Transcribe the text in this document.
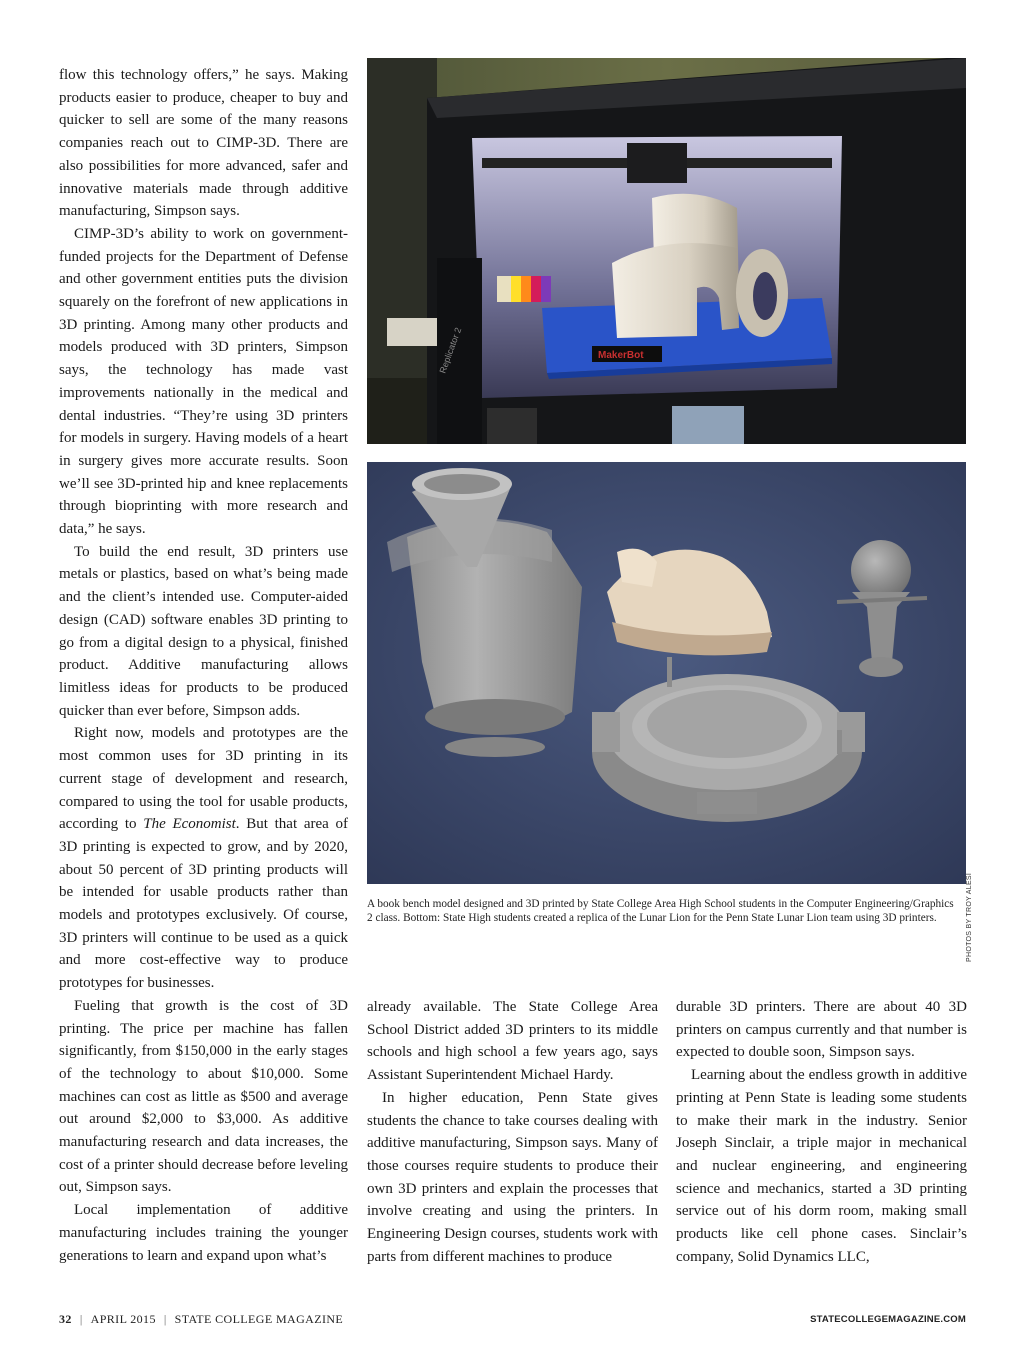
flow this technology offers,” he says. Making products easier to produce, cheaper to buy and quicker to sell are some of the many reasons companies reach out to CIMP-3D. There are also possibilities for more advanced, safer and innovative materials made through additive manufacturing, Simpson says.

CIMP-3D’s ability to work on government-funded projects for the Department of Defense and other government entities puts the division squarely on the forefront of new applications in 3D printing. Among many other products and models produced with 3D printers, Simpson says, the technology has made vast improvements nationally in the medical and dental industries. “They’re using 3D printers for models in surgery. Having models of a heart in surgery gives more accurate results. Soon we’ll see 3D-printed hip and knee replacements through bioprinting with more research and data,” he says.

To build the end result, 3D printers use metals or plastics, based on what’s being made and the client’s intended use. Computer-aided design (CAD) software enables 3D printing to go from a digital design to a physical, finished product. Additive manufacturing allows limitless ideas for products to be produced quicker than ever before, Simpson adds.

Right now, models and prototypes are the most common uses for 3D printing in its current stage of development and research, compared to using the tool for usable products, according to The Economist. But that area of 3D printing is expected to grow, and by 2020, about 50 percent of 3D printing products will be intended for usable products rather than models and prototypes exclusively. Of course, 3D printers will continue to be used as a quick and more cost-effective way to produce prototypes for businesses.

Fueling that growth is the cost of 3D printing. The price per machine has fallen significantly, from $150,000 in the early stages of the technology to about $10,000. Some machines can cost as little as $500 and average out around $2,000 to $3,000. As additive manufacturing research and data increases, the cost of a printer should decrease before leveling out, Simpson says.

Local implementation of additive manufacturing includes training the younger generations to learn and expand upon what’s

Replicator 2	MakerBot
PHOTOS BY TROY ALESI
A book bench model designed and 3D printed by State College Area High School students in the Computer Engineering/Graphics 2 class. Bottom: State High students created a replica of the Lunar Lion for the Penn State Lunar Lion team using 3D printers.

already available. The State College Area School District added 3D printers to its middle schools and high school a few years ago, says Assistant Superintendent Michael Hardy.

In higher education, Penn State gives students the chance to take courses dealing with additive manufacturing, Simpson says. Many of those courses require students to produce their own 3D printers and explain the processes that involve creating and using the printers. In Engineering Design courses, students work with parts from different machines to produce

durable 3D printers. There are about 40 3D printers on campus currently and that number is expected to double soon, Simpson says.

Learning about the endless growth in additive printing at Penn State is leading some students to make their mark in the industry. Senior Joseph Sinclair, a triple major in mechanical and nuclear engineering, and engineering science and mechanics, started a 3D printing service out of his dorm room, making small products like cell phone cases. Sinclair’s company, Solid Dynamics LLC,

32 | APRIL 2015 | STATE COLLEGE MAGAZINE	STATECOLLEGEMAGAZINE.COM
